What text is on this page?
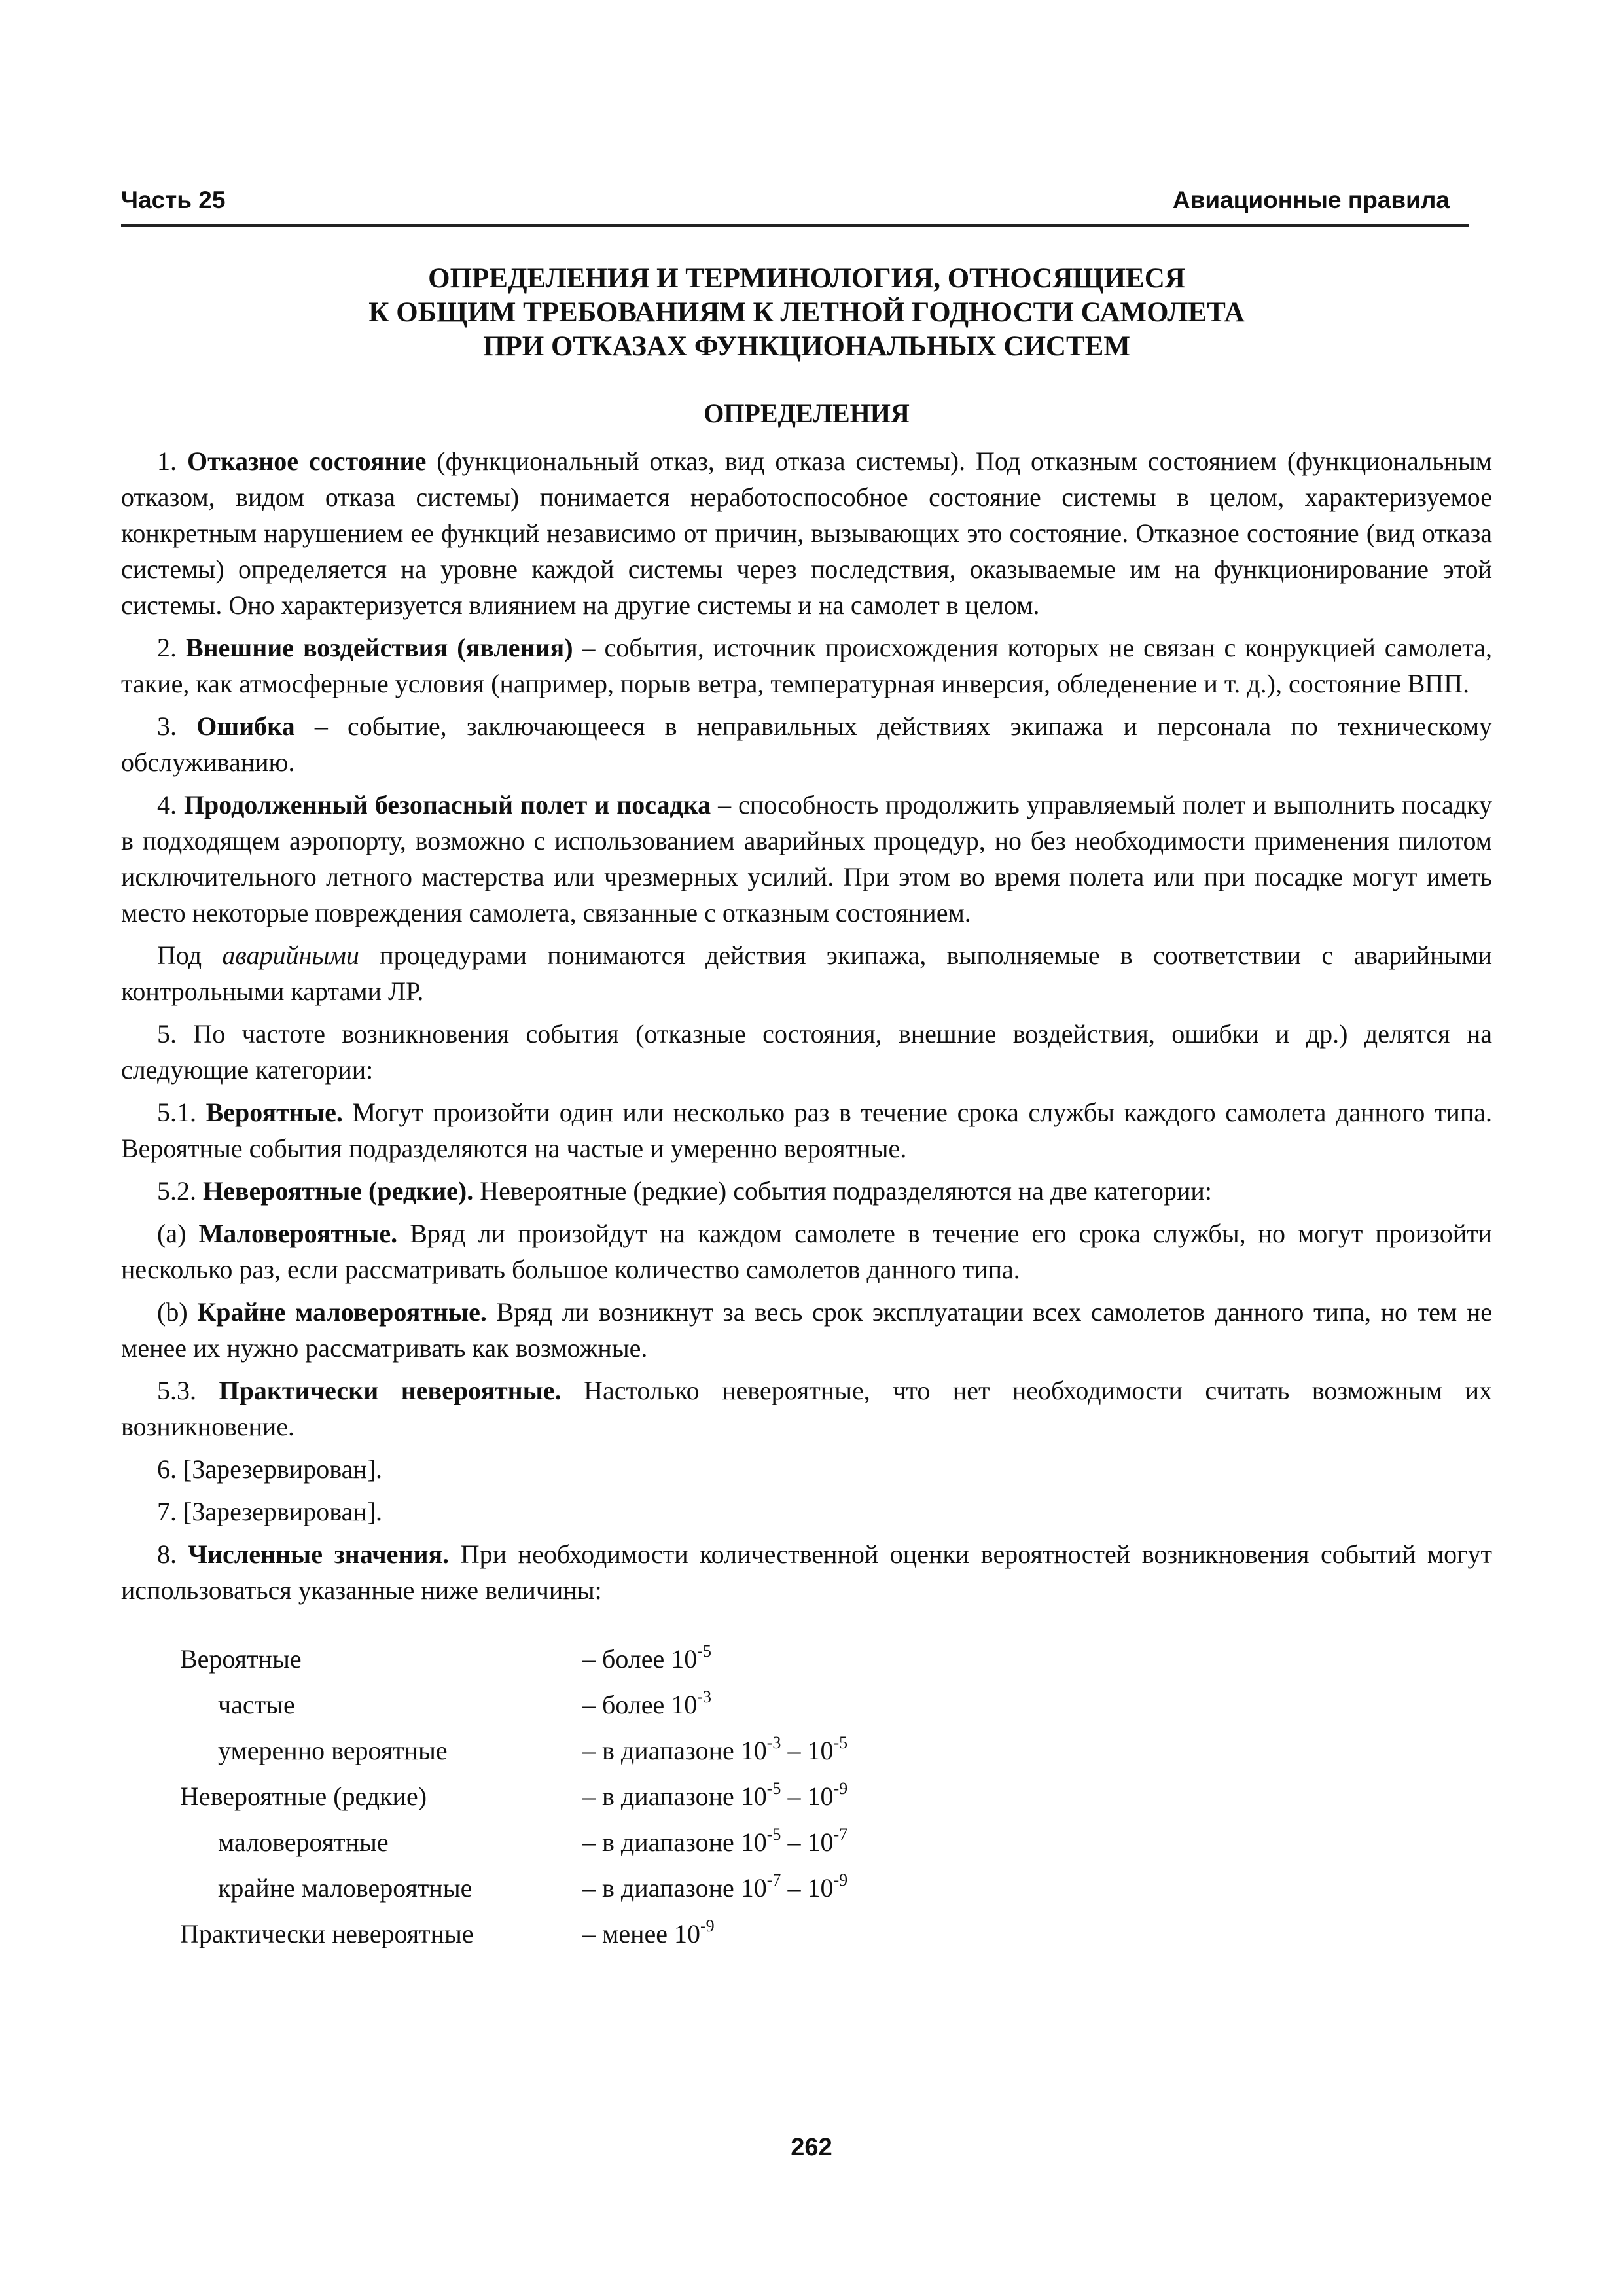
Часть 25	Авиационные правила
ОПРЕДЕЛЕНИЯ И ТЕРМИНОЛОГИЯ, ОТНОСЯЩИЕСЯ
К ОБЩИМ ТРЕБОВАНИЯМ К ЛЕТНОЙ ГОДНОСТИ САМОЛЕТА
ПРИ ОТКАЗАХ ФУНКЦИОНАЛЬНЫХ СИСТЕМ
ОПРЕДЕЛЕНИЯ

1. Отказное состояние (функциональный отказ, вид отказа системы). Под отказным состоянием (функциональным отказом, видом отказа системы) понимается неработоспособное состояние системы в целом, характеризуемое конкретным нарушением ее функций независимо от причин, вызывающих это состояние. Отказное состояние (вид отказа системы) определяется на уровне каждой системы через последствия, оказываемые им на функционирование этой системы. Оно характеризуется влиянием на другие системы и на самолет в целом.

2. Внешние воздействия (явления) – события, источник происхождения которых не связан с конрукцией самолета, такие, как атмосферные условия (например, порыв ветра, температурная инверсия, обледенение и т. д.), состояние ВПП.

3. Ошибка – событие, заключающееся в неправильных действиях экипажа и персонала по техническому обслуживанию.

4. Продолженный безопасный полет и посадка – способность продолжить управляемый полет и выполнить посадку в подходящем аэропорту, возможно с использованием аварийных процедур, но без необходимости применения пилотом исключительного летного мастерства или чрезмерных усилий. При этом во время полета или при посадке могут иметь место некоторые повреждения самолета, связанные с отказным состоянием.

Под аварийными процедурами понимаются действия экипажа, выполняемые в соответствии с аварийными контрольными картами ЛР.

5. По частоте возникновения события (отказные состояния, внешние воздействия, ошибки и др.) делятся на следующие категории:

5.1. Вероятные. Могут произойти один или несколько раз в течение срока службы каждого самолета данного типа. Вероятные события подразделяются на частые и умеренно вероятные.

5.2. Невероятные (редкие). Невероятные (редкие) события подразделяются на две категории:

(a) Маловероятные. Вряд ли произойдут на каждом самолете в течение его срока службы, но могут произойти несколько раз, если рассматривать большое количество самолетов данного типа.

(b) Крайне маловероятные. Вряд ли возникнут за весь срок эксплуатации всех самолетов данного типа, но тем не менее их нужно рассматривать как возможные.

5.3. Практически невероятные. Настолько невероятные, что нет необходимости считать возможным их возникновение.

6. [Зарезервирован].

7. [Зарезервирован].

8. Численные значения. При необходимости количественной оценки вероятностей возникновения событий могут использоваться указанные ниже величины:

Вероятные	– более $10^{-5}$
частые	– более $10^{-3}$
умеренно вероятные	– в диапазоне $10^{-3} - 10^{-5}$
Невероятные (редкие)	– в диапазоне $10^{-5} - 10^{-9}$
маловероятные	– в диапазоне $10^{-5} - 10^{-7}$
крайне маловероятные	– в диапазоне $10^{-7} - 10^{-9}$
Практически невероятные	– менее $10^{-9}$
262
